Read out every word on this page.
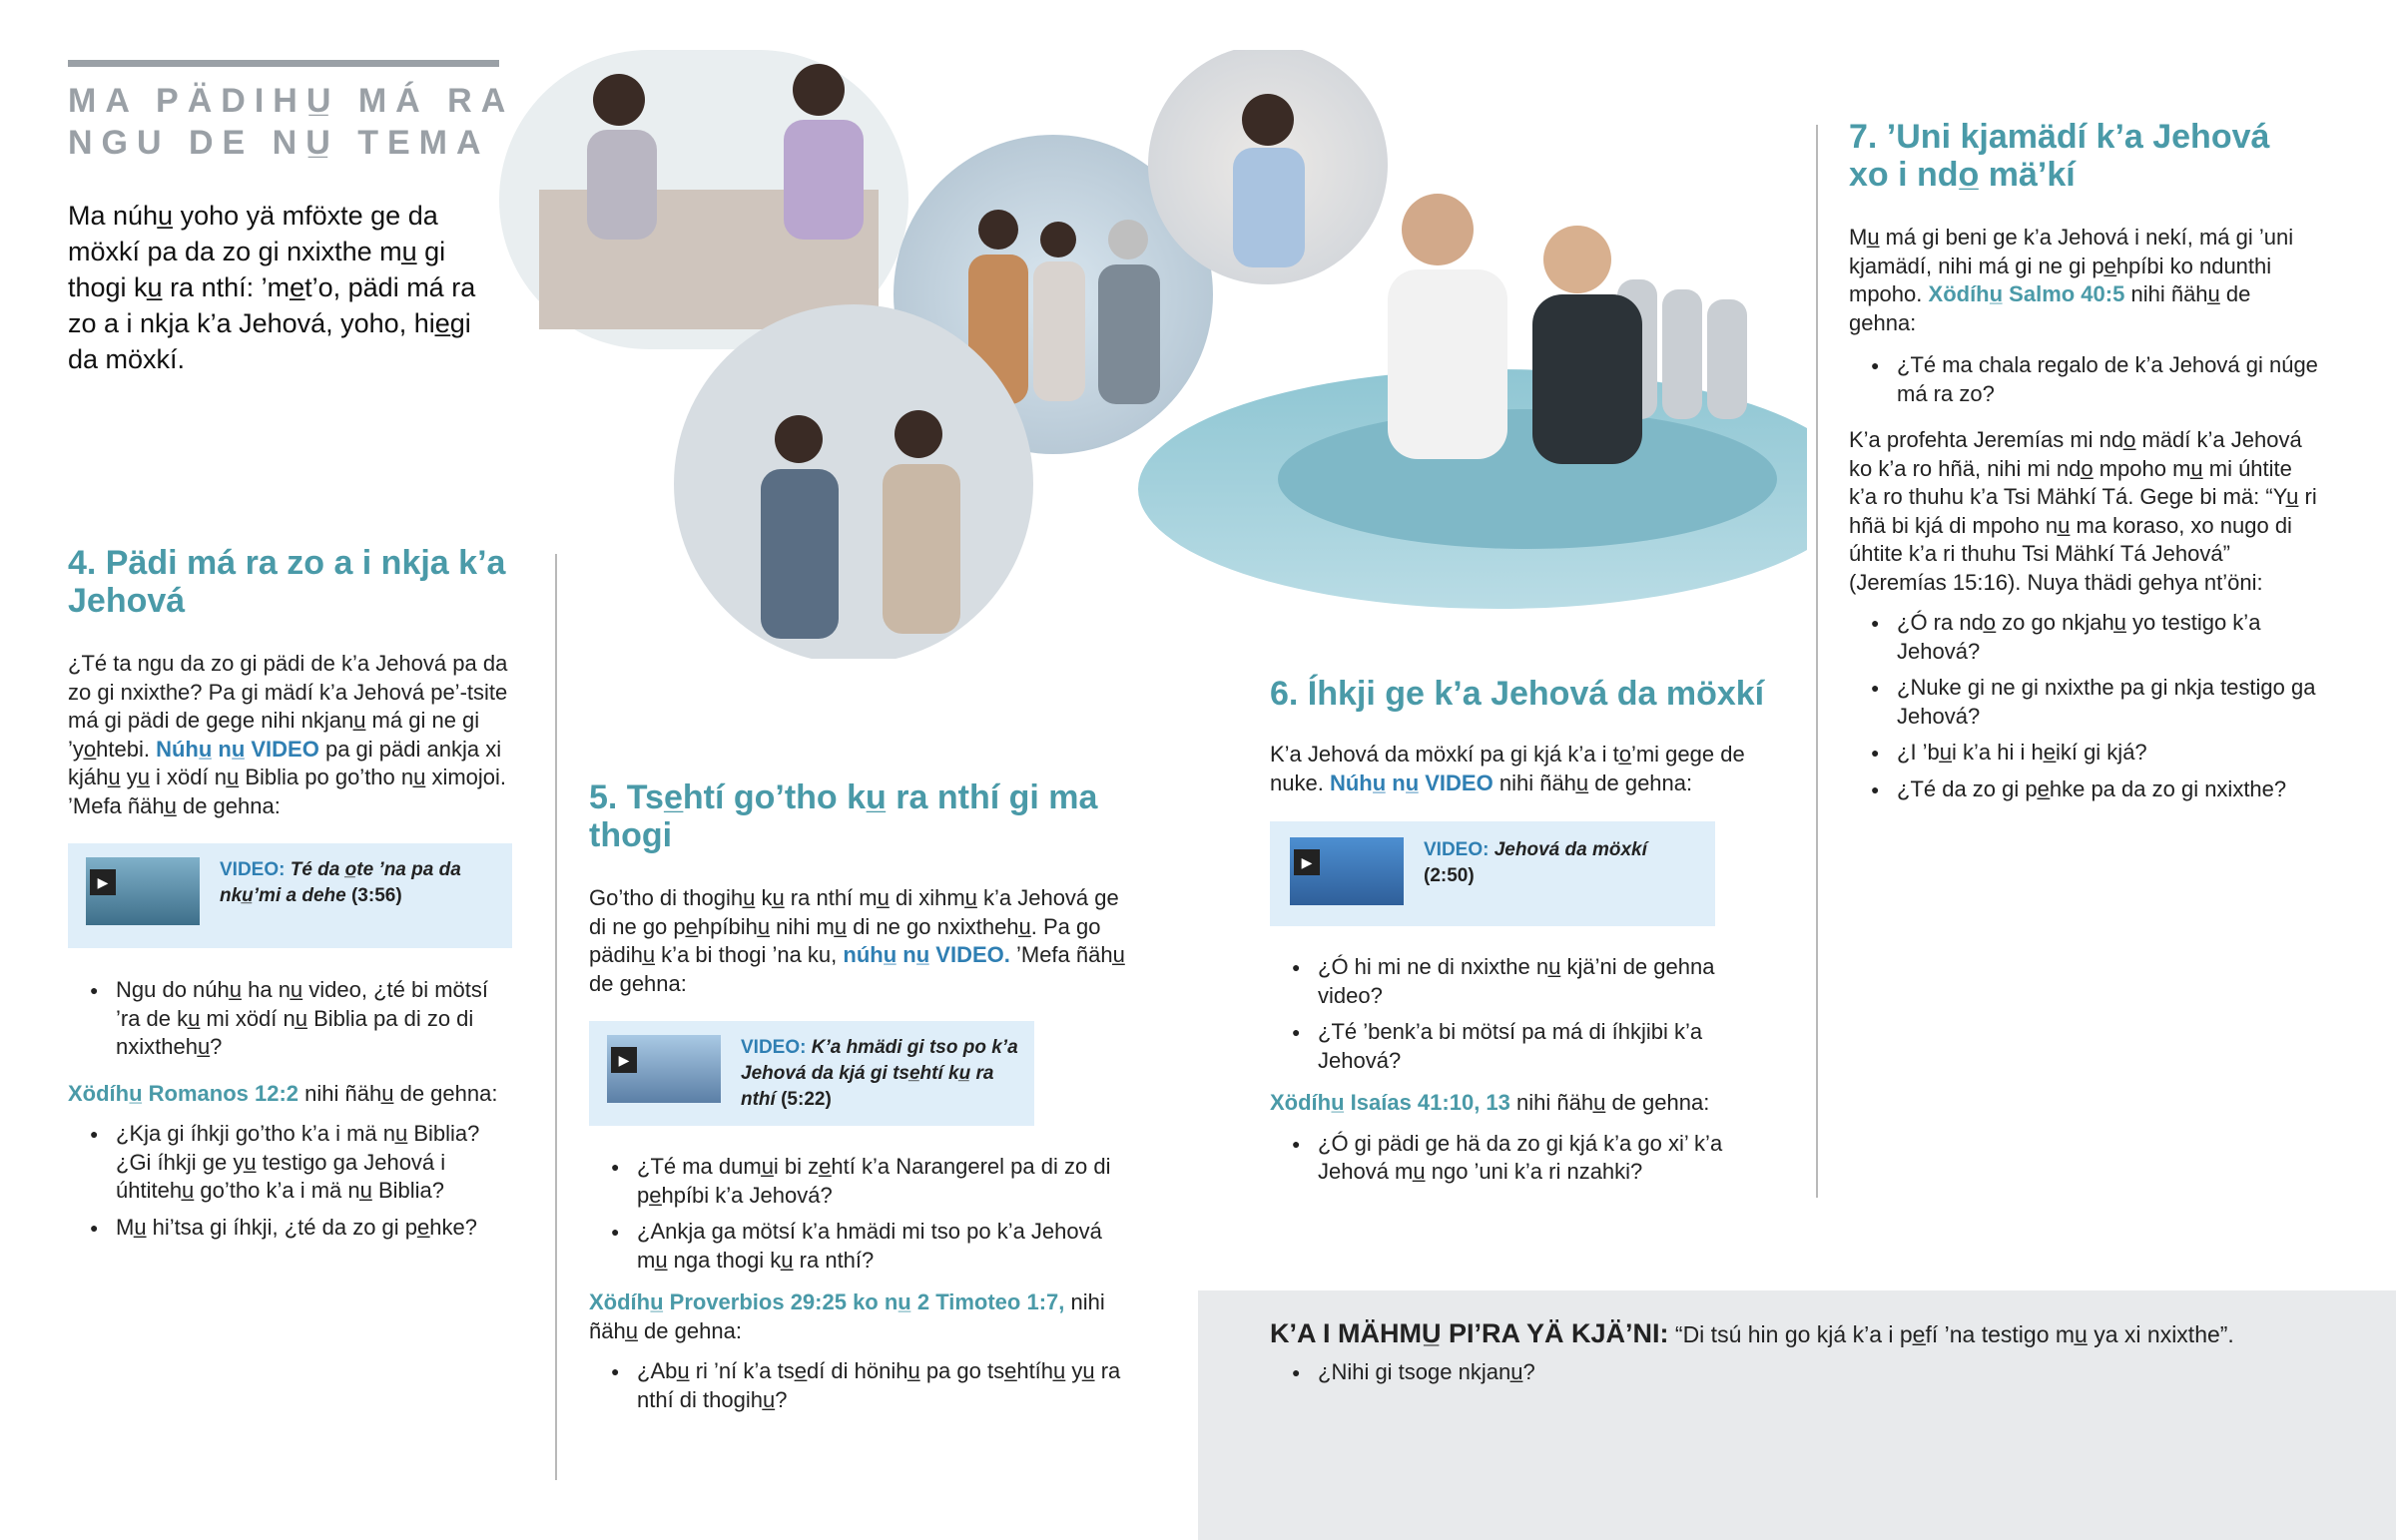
MA PÄDIHU̲ MÁ RA
NGU DE NU̲ TEMA
Ma núhu̲ yoho yä mföxte ge da möxkí pa da zo gi nxixthe mu̲ gi thogi ku̲ ra nthí: ’me̲t’o, pädi má ra zo a i nkja k’a Jehová, yoho, hie̲gi da möxkí.
4. Pädi má ra zo a i nkja k’a Jehová

¿Té ta ngu da zo gi pädi de k’a Jehová pa da zo gi nxixthe? Pa gi mädí k’a Jehová pe’-tsite má gi pädi de gege nihi nkjanu̲ má gi ne gi ’yo̲htebi. Núhu̲ nu̲ VIDEO pa gi pädi ankja xi kjáhu̲ yu̲ i xödí nu̲ Biblia po go’tho nu̲ ximojoi. ’Mefa ñähu̲ de gehna:

▶
VIDEO: Té da o̲te ’na pa da nku̲’mi a dehe (3:56)
● Ngu do núhu̲ ha nu̲ video, ¿té bi mötsí ’ra de ku̲ mi xödí nu̲ Biblia pa di zo di nxixthehu̲?

Xödíhu̲ Romanos 12:2 nihi ñähu̲ de gehna:

● ¿Kja gi íhkji go’tho k’a i mä nu̲ Biblia? ¿Gi íhkji ge yu̲ testigo ga Jehová i úhtitehu̲ go’tho k’a i mä nu̲ Biblia?
● Mu̲ hi’tsa gi íhkji, ¿té da zo gi pe̲hke?
5. Tse̲htí go’tho ku̲ ra nthí gi ma thogi

Go’tho di thogihu̲ ku̲ ra nthí mu̲ di xihmu̲ k’a Jehová ge di ne go pe̲hpíbihu̲ nihi mu̲ di ne go nxixthehu̲. Pa go pädihu̲ k’a bi thogi ’na ku, núhu̲ nu̲ VIDEO. ’Mefa ñähu̲ de gehna:

▶
VIDEO: K’a hmädi gi tso po k’a Jehová da kjá gi tse̲htí ku̲ ra nthí (5:22)
● ¿Té ma dumu̲i bi ze̲htí k’a Narangerel pa di zo di pe̲hpíbi k’a Jehová?
● ¿Ankja ga mötsí k’a hmädi mi tso po k’a Jehová mu̲ nga thogi ku̲ ra nthí?

Xödíhu̲ Proverbios 29:25 ko nu̲ 2 Timoteo 1:7, nihi ñähu̲ de gehna:

● ¿Abu̲ ri ’ní k’a tse̲dí di hönihu̲ pa go tse̲htíhu̲ yu̲ ra nthí di thogihu̲?
6. Íhkji ge k’a Jehová da möxkí

K’a Jehová da möxkí pa gi kjá k’a i to̲’mi gege de nuke. Núhu̲ nu̲ VIDEO nihi ñähu̲ de gehna:

▶
VIDEO: Jehová da möxkí
(2:50)
● ¿Ó hi mi ne di nxixthe nu̲ kjä’ni de gehna video?
● ¿Té ’benk’a bi mötsí pa má di íhkjibi k’a Jehová?

Xödíhu̲ Isaías 41:10, 13 nihi ñähu̲ de gehna:

● ¿Ó gi pädi ge hä da zo gi kjá k’a go xi’ k’a Jehová mu̲ ngo ’uni k’a ri nzahki?
7. ’Uni kjamädí k’a Jehová xo i ndo̲ mä’kí

Mu̲ má gi beni ge k’a Jehová i nekí, má gi ’uni kjamädí, nihi má gi ne gi pe̲hpíbi ko ndunthi mpoho. Xödíhu̲ Salmo 40:5 nihi ñähu̲ de gehna:

● ¿Té ma chala regalo de k’a Jehová gi núge má ra zo?

K’a profehta Jeremías mi ndo̲ mädí k’a Jehová ko k’a ro hñä, nihi mi ndo̲ mpoho mu̲ mi úhtite k’a ro thuhu k’a Tsi Mähkí Tá. Gege bi mä: “Yu̲ ri hñä bi kjá di mpoho nu̲ ma koraso, xo nugo di úhtite k’a ri thuhu Tsi Mähkí Tá Jehová” (Jeremías 15:16). Nuya thädi gehya nt’öni:

● ¿Ó ra ndo̲ zo go nkjahu̲ yo testigo k’a Jehová?
● ¿Nuke gi ne gi nxixthe pa gi nkja testigo ga Jehová?
● ¿I ’bu̲i k’a hi i he̲ikí gi kjá?
● ¿Té da zo gi pe̲hke pa da zo gi nxixthe?
K’A I MÄHMU̲ PI’RA YÄ KJÄ’NI: “Di tsú hin go kjá k’a i pe̲fí ’na testigo mu̲ ya xi nxixthe”.
● ¿Nihi gi tsoge nkjanu̲?
